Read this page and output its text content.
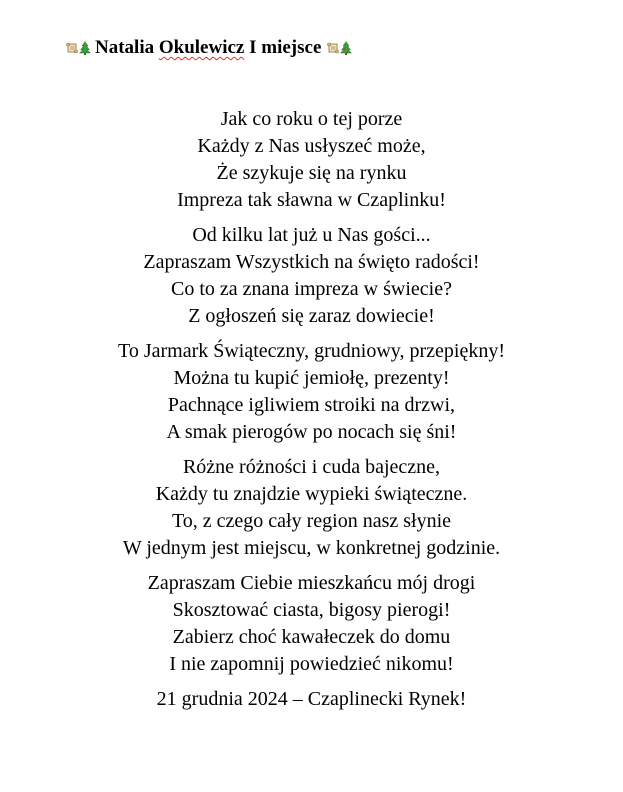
Natalia Okulewicz I miejsce
Jak co roku o tej porze
Każdy z Nas usłyszeć może,
Że szykuje się na rynku
Impreza tak sławna w Czaplinku!
Od kilku lat już u Nas gości...
Zapraszam Wszystkich na święto radości!
Co to za znana impreza w świecie?
Z ogłoszeń się zaraz dowiecie!
To Jarmark Świąteczny, grudniowy, przepiękny!
Można tu kupić jemiołę, prezenty!
Pachnące igliwiem stroiki na drzwi,
A smak pierogów po nocach się śni!
Różne różności i cuda bajeczne,
Każdy tu znajdzie wypieki świąteczne.
To, z czego cały region nasz słynie
W jednym jest miejscu, w konkretnej godzinie.
Zapraszam Ciebie mieszkańcu mój drogi
Skosztować ciasta, bigosy pierogi!
Zabierz choć kawałeczek do domu
I nie zapomnij powiedzieć nikomu!
21 grudnia 2024 – Czaplinecki Rynek!
